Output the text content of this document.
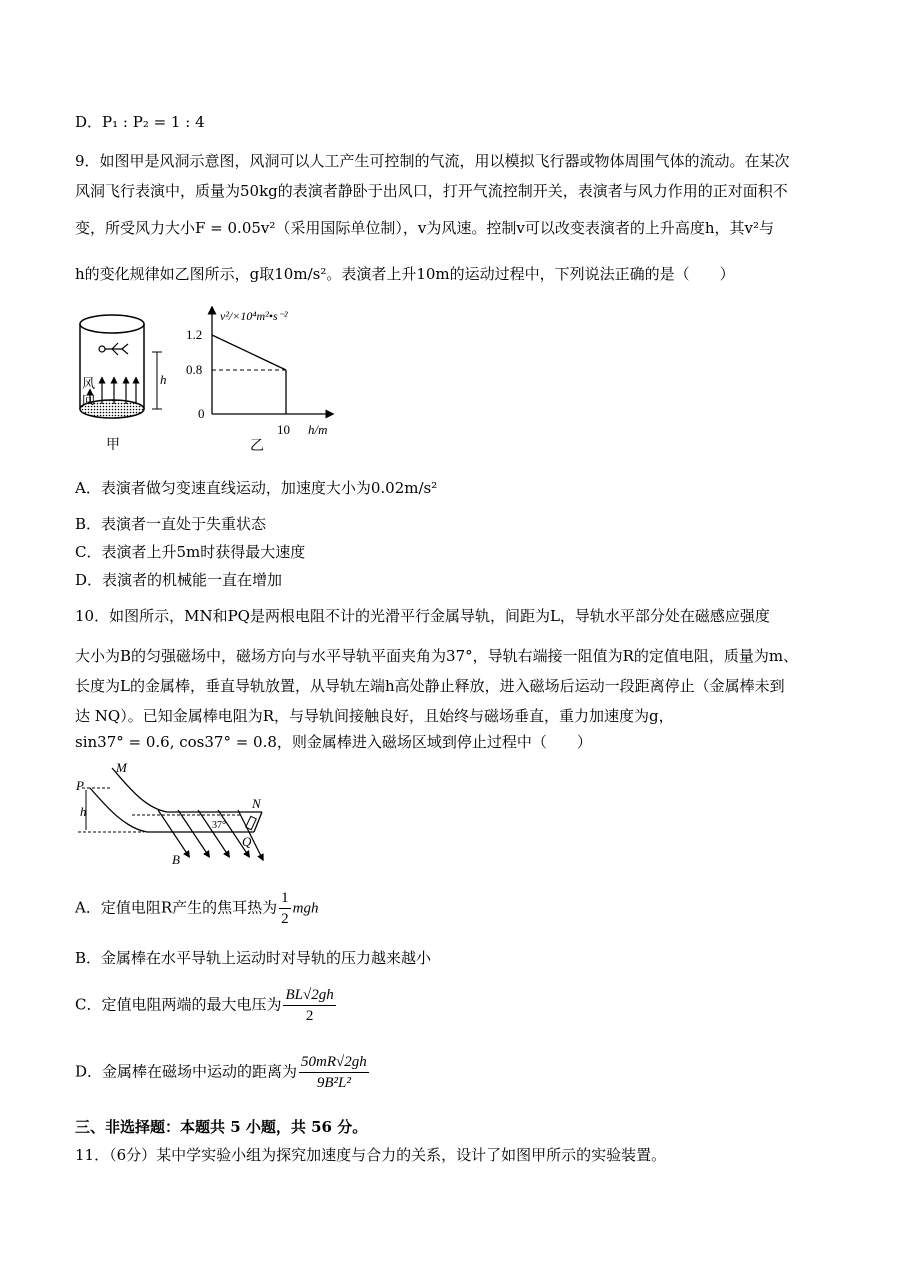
D．P₁ : P₂ = 1 : 4
9．如图甲是风洞示意图，风洞可以人工产生可控制的气流，用以模拟飞行器或物体周围气体的流动。在某次
风洞飞行表演中，质量为50kg的表演者静卧于出风口，打开气流控制开关，表演者与风力作用的正对面积不
变，所受风力大小F = 0.05v²（采用国际单位制），v为风速。控制v可以改变表演者的上升高度h，其v²与
h的变化规律如乙图所示，g取10m/s²。表演者上升10m的运动过程中，下列说法正确的是（　　）
风
向
h
甲
v²/×10⁴m²•s⁻²
1.2
0.8
0
10 h/m
乙
A．表演者做匀变速直线运动，加速度大小为0.02m/s²
B．表演者一直处于失重状态
C．表演者上升5m时获得最大速度
D．表演者的机械能一直在增加
10．如图所示，MN和PQ是两根电阻不计的光滑平行金属导轨，间距为L，导轨水平部分处在磁感应强度
大小为B的匀强磁场中，磁场方向与水平导轨平面夹角为37°，导轨右端接一阻值为R的定值电阻，质量为m、
长度为L的金属棒，垂直导轨放置，从导轨左端h高处静止释放，进入磁场后运动一段距离停止（金属棒未到
达 NQ）。已知金属棒电阻为R，与导轨间接触良好，且始终与磁场垂直，重力加速度为g，
sin37° = 0.6, cos37° = 0.8，则金属棒进入磁场区域到停止过程中（　　）
P
M
h
N
Q
37°
B
A．定值电阻R产生的焦耳热为 $\frac{1}{2}$ mgh
B．金属棒在水平导轨上运动时对导轨的压力越来越小
C．定值电阻两端的最大电压为 $\frac{BL√2gh}{2}$
D．金属棒在磁场中运动的距离为 $\frac{50mR√2gh}{\text{9B²L²}}$
三、非选择题：本题共 5 小题，共 56 分。
11．（6分）某中学实验小组为探究加速度与合力的关系，设计了如图甲所示的实验装置。
